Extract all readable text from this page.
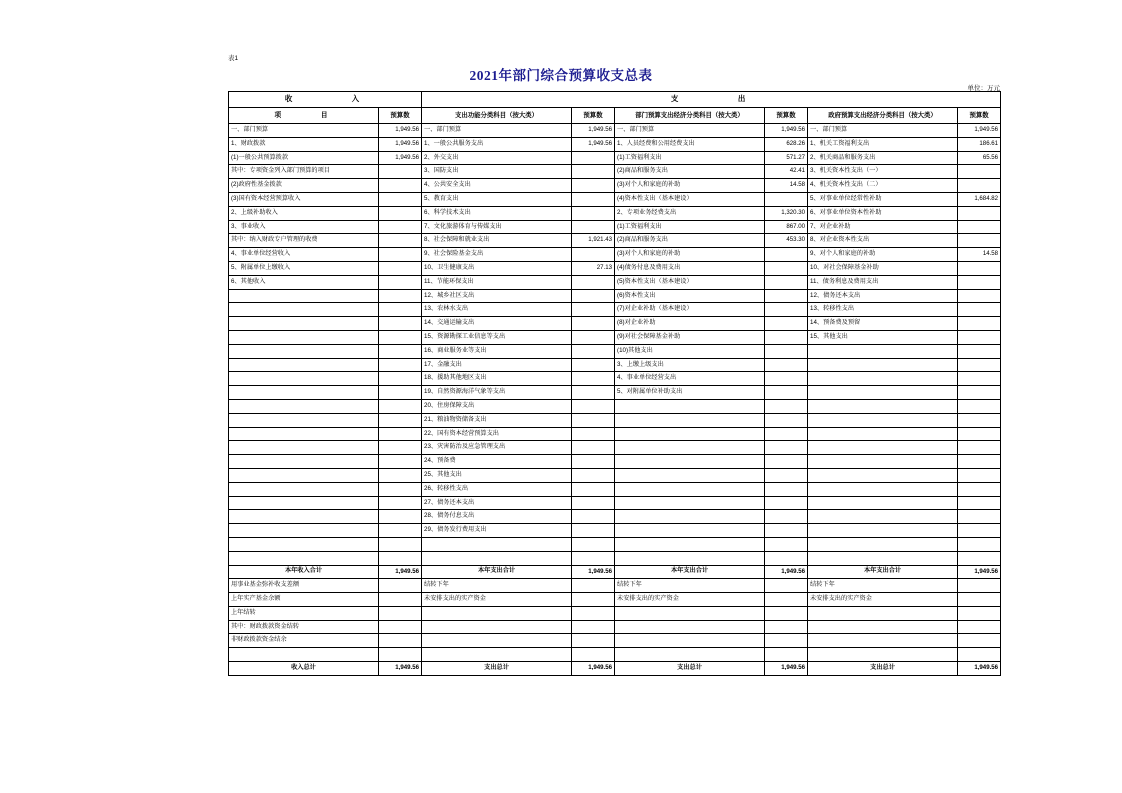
表1
2021年部门综合预算收支总表
单位：万元
收　　　　入		支　　　　出					
项　　　目	预算数	支出功能分类科目（按大类）	预算数	部门预算支出经济分类科目（按大类）	预算数	政府预算支出经济分类科目（按大类）	预算数
一、部门预算	1,949.56	一、部门预算	1,949.56	一、部门预算	1,949.56	一、部门预算	1,949.56
1、财政拨款	1,949.56	1、一般公共服务支出	1,949.56	1、人员经费和公用经费支出	628.26	1、机关工资福利支出	186.61
(1)一般公共预算拨款	1,949.56	2、外交支出		(1)工资福利支出	571.27	2、机关商品和服务支出	65.56
其中：专项资金列入部门预算的项目		3、国防支出		(2)商品和服务支出	42.41	3、机关资本性支出（一）	
(2)政府性基金拨款		4、公共安全支出		(3)对个人和家庭的补助	14.58	4、机关资本性支出（二）	
(3)国有资本经营预算收入		5、教育支出		(4)资本性支出（基本建设）		5、对事业单位经常性补助	1,684.82
2、上级补助收入		6、科学技术支出		2、专项业务经费支出	1,320.30	6、对事业单位资本性补助	
3、事业收入		7、文化旅游体育与传媒支出		(1)工资福利支出	867.00	7、对企业补助	
其中：纳入财政专户管理的收费		8、社会保障和就业支出	1,921.43	(2)商品和服务支出	453.30	8、对企业资本性支出	
4、事业单位经营收入		9、社会保险基金支出		(3)对个人和家庭的补助		9、对个人和家庭的补助	14.58
5、附属单位上缴收入		10、卫生健康支出	27.13	(4)债务付息及费用支出		10、对社会保障基金补助	
6、其他收入		11、节能环保支出		(5)资本性支出（基本建设）		11、债务利息及费用支出	
		12、城乡社区支出		(6)资本性支出		12、债务还本支出	
		13、农林水支出		(7)对企业补助（基本建设）		13、转移性支出	
		14、交通运输支出		(8)对企业补助		14、预备费及预留	
		15、资源勘探工业信息等支出		(9)对社会保障基金补助		15、其他支出	
		16、商业服务业等支出		(10)其他支出			
		17、金融支出		3、上缴上级支出			
		18、援助其他地区支出		4、事业单位经营支出			
		19、自然资源海洋气象等支出		5、对附属单位补助支出			
		20、住房保障支出					
		21、粮油物资储备支出					
		22、国有资本经营预算支出					
		23、灾害防治及应急管理支出					
		24、预备费					
		25、其他支出					
		26、转移性支出					
		27、债务还本支出					
		28、债务付息支出					
		29、债务发行费用支出					

本年收入合计	1,949.56	本年支出合计	1,949.56	本年支出合计	1,949.56	本年支出合计	1,949.56
用事业基金弥补收支差额		结转下年		结转下年		结转下年	
上年实产基金余额		未安排支出的实产资金		未安排支出的实产资金		未安排支出的实产资金	
上年结转							
其中：财政拨款资金结转							
非财政拨款资金结余							

收入总计	1,949.56	支出总计	1,949.56	支出总计	1,949.56	支出总计	1,949.56
